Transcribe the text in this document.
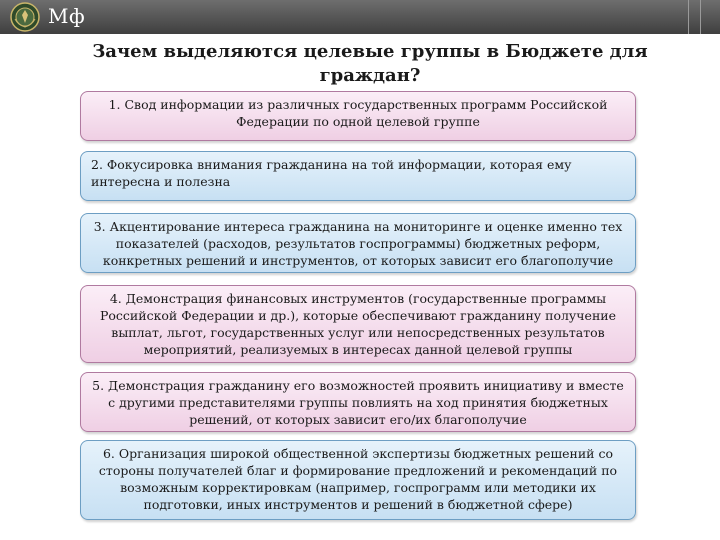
Мф
Зачем выделяются целевые группы в Бюджете для граждан?
1. Свод информации из различных государственных программ Российской Федерации по одной целевой группе
2. Фокусировка внимания гражданина на той информации, которая ему интересна и полезна
3. Акцентирование интереса гражданина на мониторинге и оценке именно тех показателей (расходов, результатов госпрограммы) бюджетных реформ, конкретных решений и инструментов, от которых зависит его благополучие
4. Демонстрация финансовых инструментов (государственные программы Российской Федерации и др.), которые обеспечивают гражданину получение выплат, льгот, государственных услуг или непосредственных результатов мероприятий, реализуемых в интересах данной целевой группы
5. Демонстрация гражданину его возможностей проявить инициативу и вместе с другими представителями группы повлиять на ход принятия бюджетных решений, от которых зависит его/их благополучие
6. Организация широкой общественной экспертизы бюджетных решений со стороны получателей благ и формирование предложений и рекомендаций по возможным корректировкам (например, госпрограмм или методики их подготовки, иных инструментов и решений в бюджетной сфере)
